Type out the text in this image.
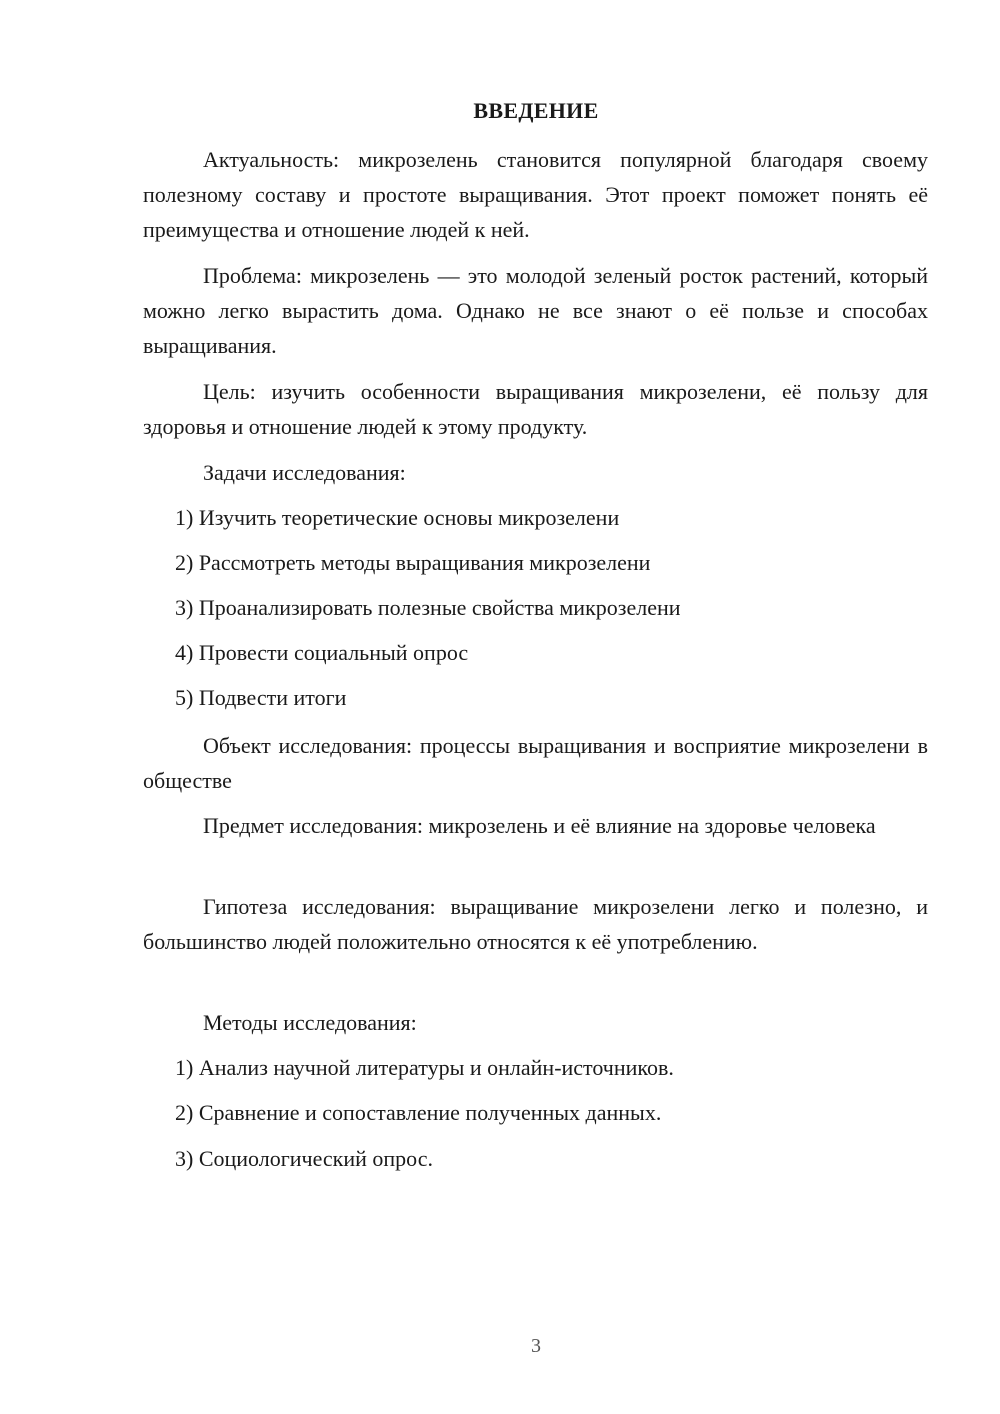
ВВЕДЕНИЕ

Актуальность: микрозелень становится популярной благодаря своему полезному составу и простоте выращивания. Этот проект поможет понять её преимущества и отношение людей к ней.

Проблема: микрозелень — это молодой зеленый росток растений, который можно легко вырастить дома. Однако не все знают о её пользе и способах выращивания.

Цель: изучить особенности выращивания микрозелени, её пользу для здоровья и отношение людей к этому продукту.

Задачи исследования:
1) Изучить теоретические основы микрозелени
2) Рассмотреть методы выращивания микрозелени
3) Проанализировать полезные свойства микрозелени
4) Провести социальный опрос
5) Подвести итоги

Объект исследования: процессы выращивания и восприятие микрозелени в обществе

Предмет исследования: микрозелень и её влияние на здоровье человека

Гипотеза исследования: выращивание микрозелени легко и полезно, и большинство людей положительно относятся к её употреблению.

Методы исследования:
1) Анализ научной литературы и онлайн-источников.
2) Сравнение и сопоставление полученных данных.
3) Социологический опрос.
3
